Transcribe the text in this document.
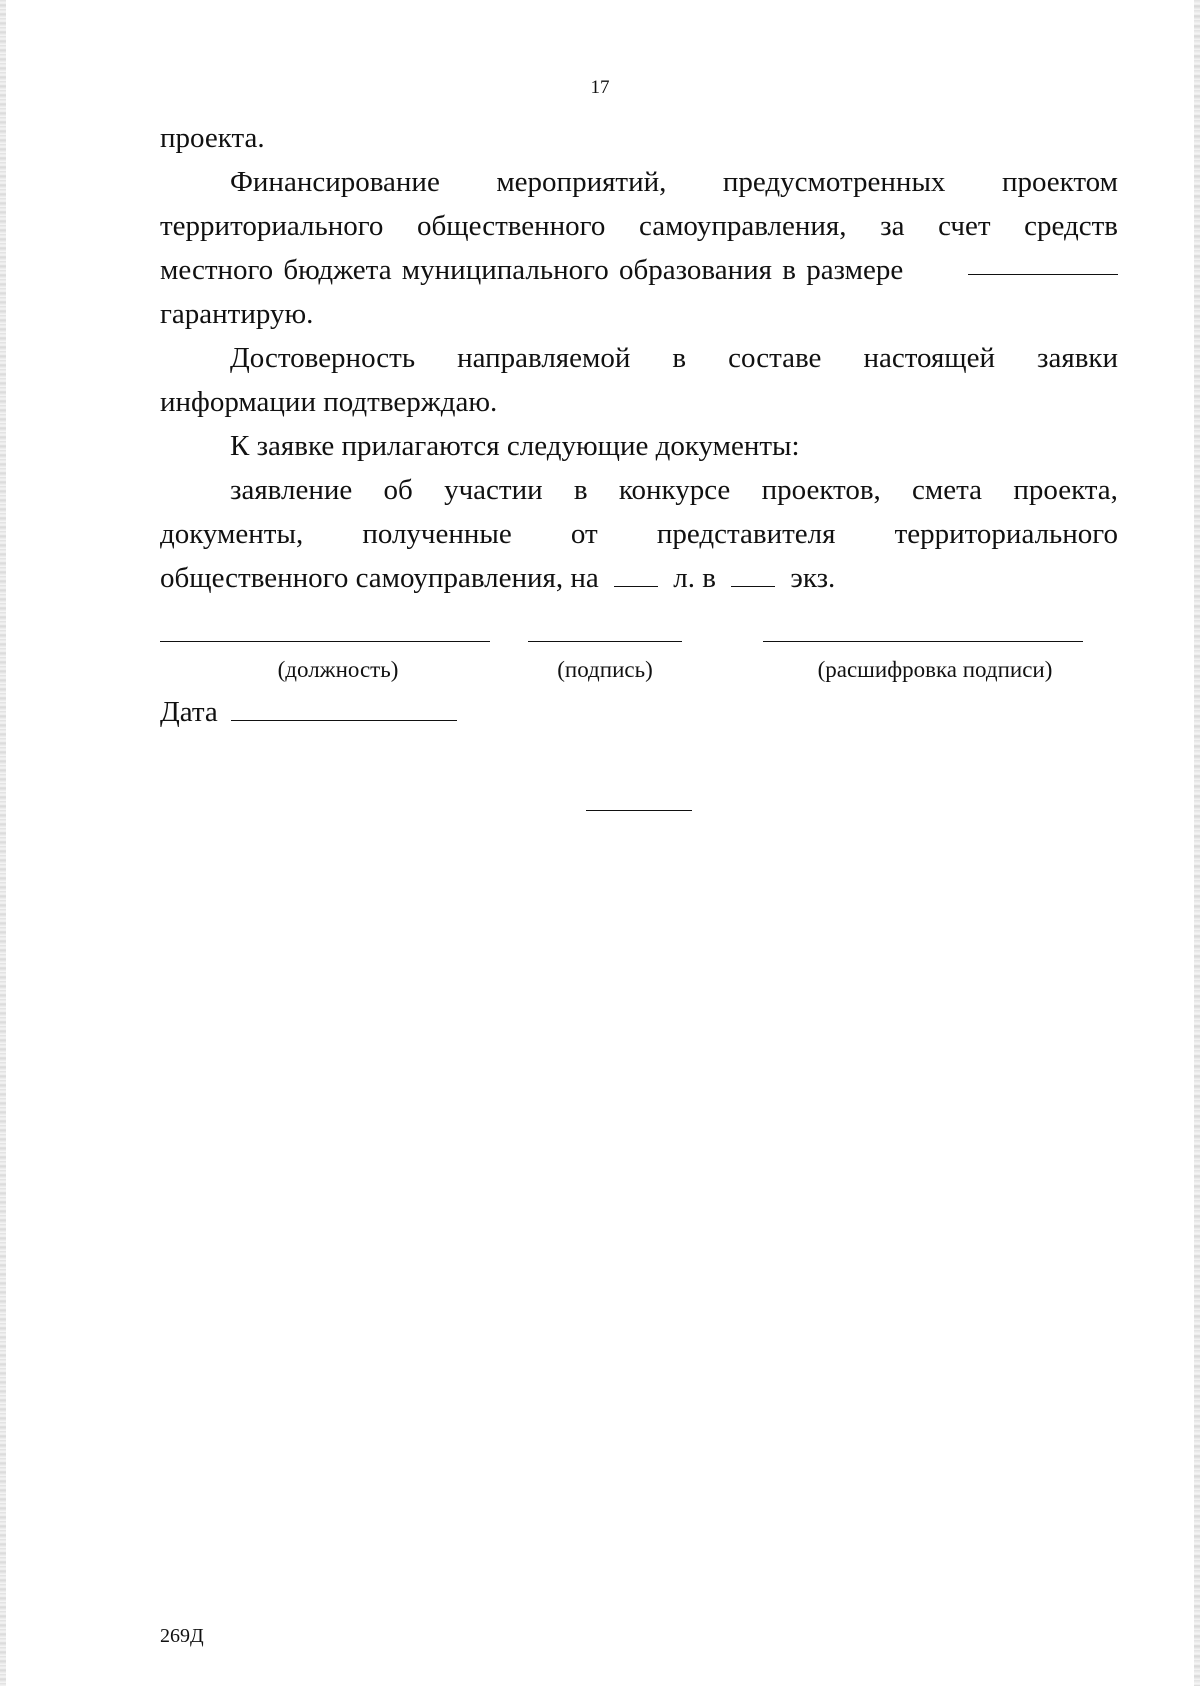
17
проекта.
Финансирование мероприятий, предусмотренных проектом
территориального общественного самоуправления, за счет средств
местного бюджета муниципального образования в размере
гарантирую.
Достоверность направляемой в составе настоящей заявки
информации подтверждаю.
К заявке прилагаются следующие документы:
заявление об участии в конкурсе проектов, смета проекта,
документы, полученные от представителя территориального
общественного самоуправления, на	л. в	экз.
(должность)	(подпись)	(расшифровка подписи)
Дата
269Д
